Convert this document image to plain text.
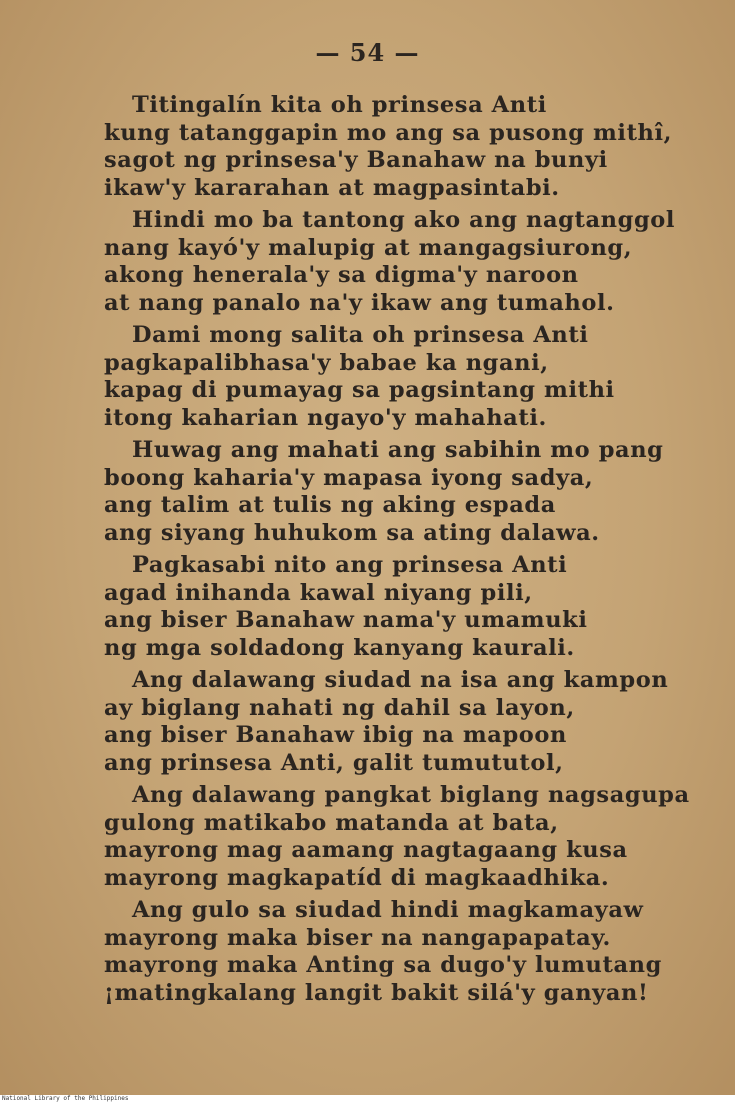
— 54 —
Titingalín kita oh prinsesa Anti
kung tatanggapin mo ang sa pusong mithî,
sagot ng prinsesa'y Banahaw na bunyi
ikaw'y kararahan at magpasintabi.
Hindi mo ba tantong ako ang nagtanggol
nang kayó'y malupig at mangagsiurong,
akong henerala'y sa digma'y naroon
at nang panalo na'y ikaw ang tumahol.
Dami mong salita oh prinsesa Anti
pagkapalibhasa'y babae ka ngani,
kapag di pumayag sa pagsintang mithi
itong kaharian ngayo'y mahahati.
Huwag ang mahati ang sabihin mo pang
boong kaharia'y mapasa iyong sadya,
ang talim at tulis ng aking espada
ang siyang huhukom sa ating dalawa.
Pagkasabi nito ang prinsesa Anti
agad inihanda kawal niyang pili,
ang biser Banahaw nama'y umamuki
ng mga soldadong kanyang kaurali.
Ang dalawang siudad na isa ang kampon
ay biglang nahati ng dahil sa layon,
ang biser Banahaw ibig na mapoon
ang prinsesa Anti, galit tumututol,
Ang dalawang pangkat biglang nagsagupa
gulong matikabo matanda at bata,
mayrong mag aamang nagtagaang kusa
mayrong magkapatíd di magkaadhika.
Ang gulo sa siudad hindi magkamayaw
mayrong maka biser na nangapapatay.
mayrong maka Anting sa dugo'y lumutang
¡matingkalang langit bakit silá'y ganyan!
National Library of the Philippines
